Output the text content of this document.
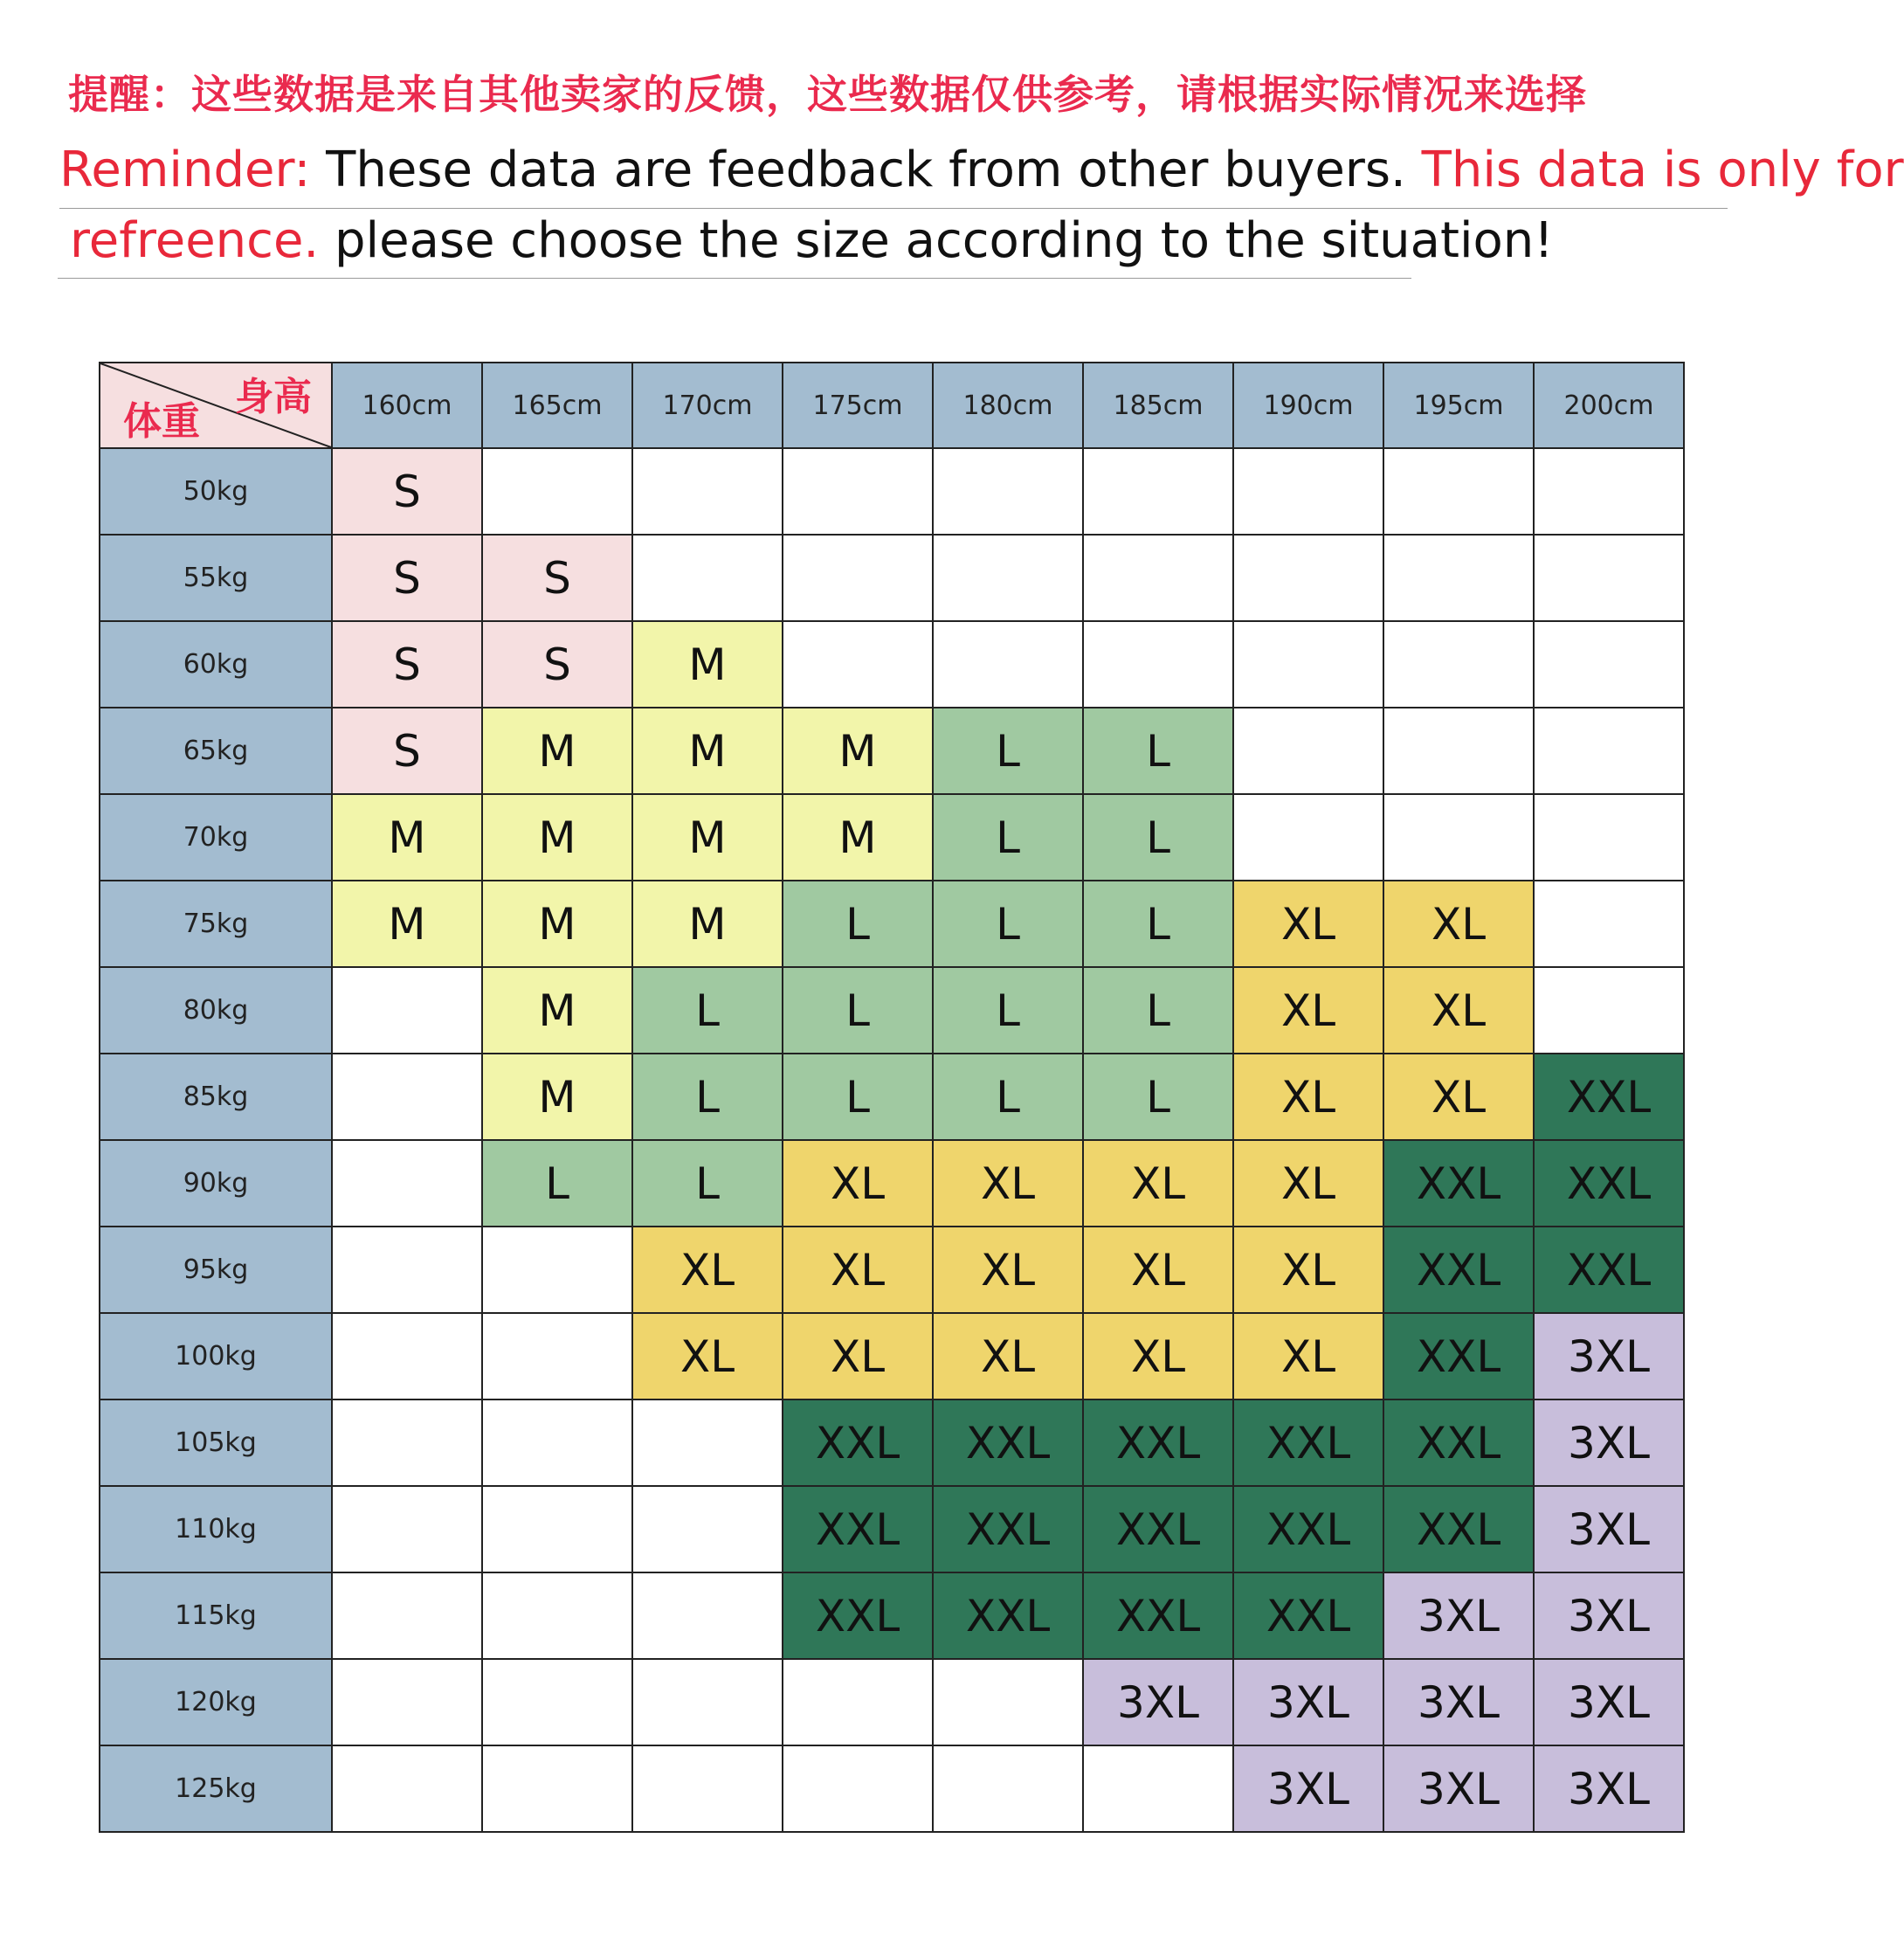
提醒：这些数据是来自其他卖家的反馈，这些数据仅供参考，请根据实际情况来选择
Reminder: These data are feedback from other buyers. This data is only for
refreence. please choose the size according to the situation!
身高
体重	160cm	165cm	170cm	175cm	180cm	185cm	190cm	195cm	200cm
50kg	S								
55kg	S	S							
60kg	S	S	M						
65kg	S	M	M	M	L	L			
70kg	M	M	M	M	L	L			
75kg	M	M	M	L	L	L	XL	XL	
80kg		M	L	L	L	L	XL	XL	
85kg		M	L	L	L	L	XL	XL	XXL
90kg		L	L	XL	XL	XL	XL	XXL	XXL
95kg			XL	XL	XL	XL	XL	XXL	XXL
100kg			XL	XL	XL	XL	XL	XXL	3XL
105kg				XXL	XXL	XXL	XXL	XXL	3XL
110kg				XXL	XXL	XXL	XXL	XXL	3XL
115kg				XXL	XXL	XXL	XXL	3XL	3XL
120kg						3XL	3XL	3XL	3XL
125kg							3XL	3XL	3XL
